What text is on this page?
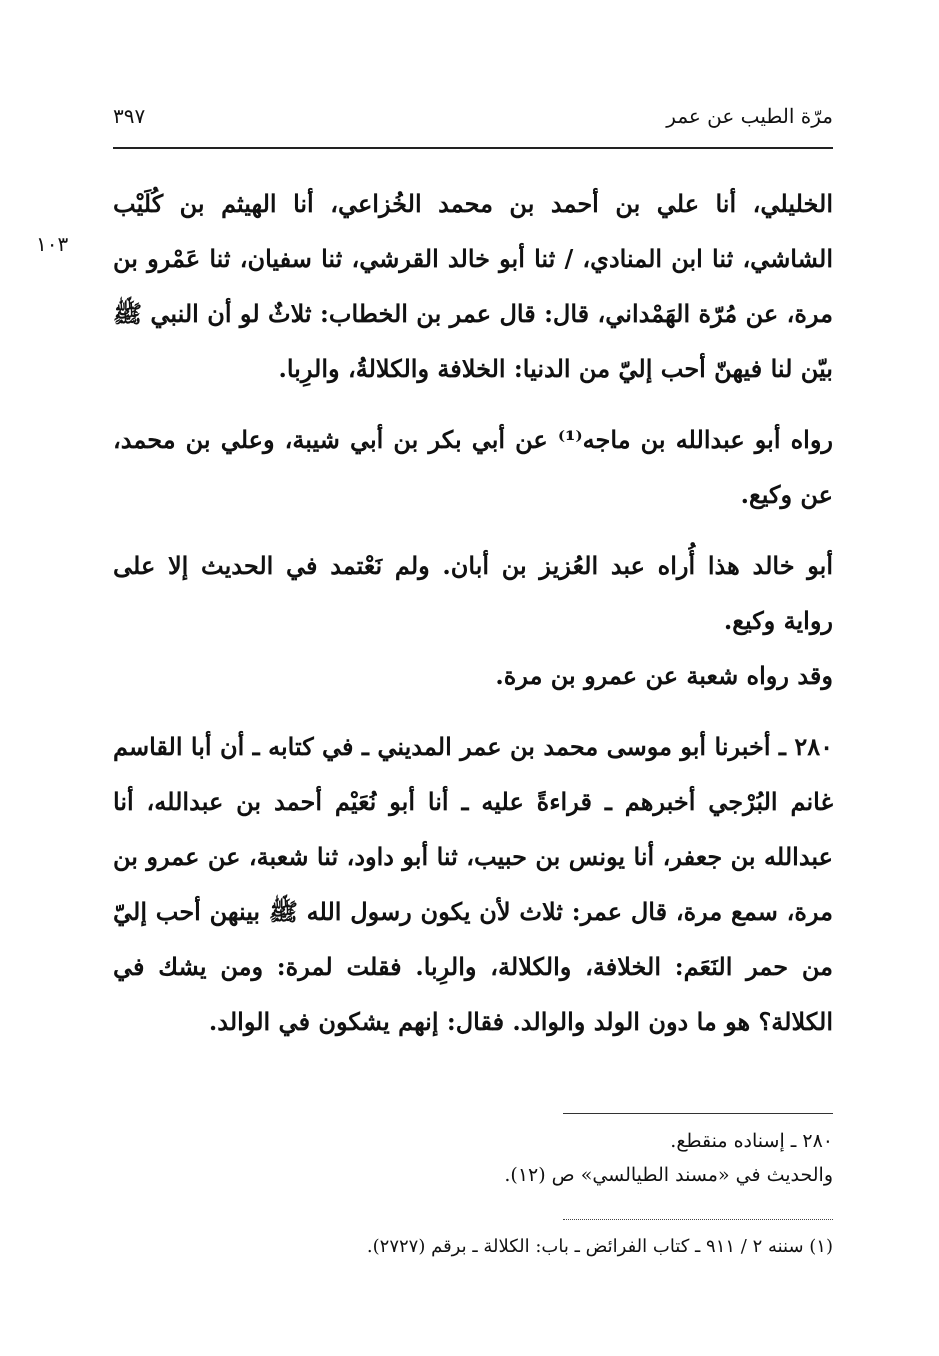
مرّة الطيب عن عمر
٣٩٧
١٠٣

الخليلي، أنا علي بن أحمد بن محمد الخُزاعي، أنا الهيثم بن كُلَيْب الشاشي، ثنا ابن المنادي، / ثنا أبو خالد القرشي، ثنا سفيان، ثنا عَمْرو بن مرة، عن مُرّة الهَمْداني، قال: قال عمر بن الخطاب: ثلاثٌ لو أن النبي ﷺ بيّن لنا فيهنّ أحب إليّ من الدنيا: الخلافة والكلالةُ، والرِبا.

رواه أبو عبدالله بن ماجه⁽¹⁾ عن أبي بكر بن أبي شيبة، وعلي بن محمد، عن وكيع.

أبو خالد هذا أُراه عبد العُزيز بن أبان. ولم نَعْتمد في الحديث إلا على رواية وكيع.

وقد رواه شعبة عن عمرو بن مرة.

٢٨٠ ـ أخبرنا أبو موسى محمد بن عمر المديني ـ في كتابه ـ أن أبا القاسم غانم البُرْجي أخبرهم ـ قراءةً عليه ـ أنا أبو نُعَيْم أحمد بن عبدالله، أنا عبدالله بن جعفر، أنا يونس بن حبيب، ثنا أبو داود، ثنا شعبة، عن عمرو بن مرة، سمع مرة، قال عمر: ثلاث لأن يكون رسول الله ﷺ بينهن أحب إليّ من حمر النَعَم: الخلافة، والكلالة، والرِبا. فقلت لمرة: ومن يشك في الكلالة؟ هو ما دون الولد والوالد. فقال: إنهم يشكون في الوالد.

٢٨٠ ـ إسناده منقطع.

والحديث في «مسند الطيالسي» ص (١٢).

(١) سننه ٢ / ٩١١ ـ كتاب الفرائض ـ باب: الكلالة ـ برقم (٢٧٢٧).
